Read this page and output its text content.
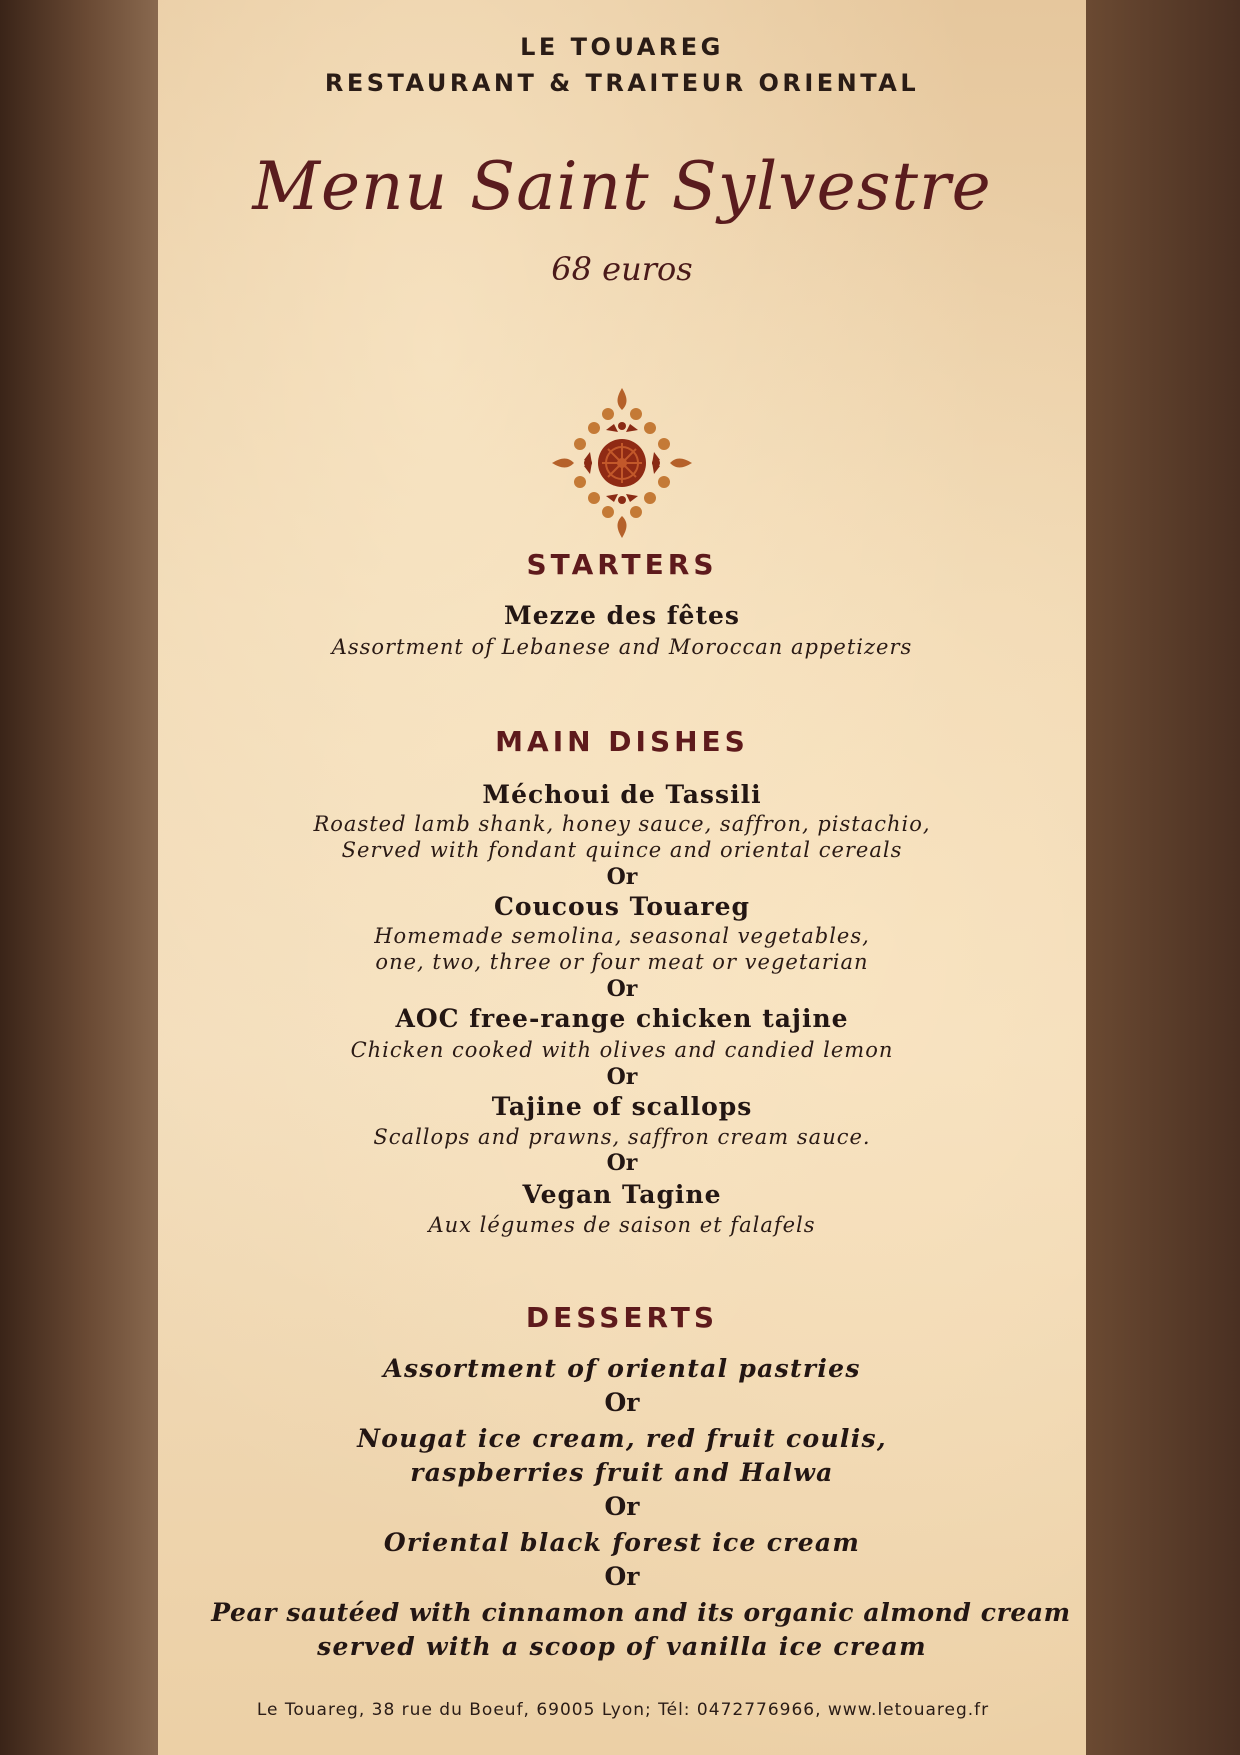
LE TOUAREG
RESTAURANT & TRAITEUR ORIENTAL
Menu Saint Sylvestre
68 euros
STARTERS
Mezze des fêtes
Assortment of Lebanese and Moroccan appetizers
MAIN DISHES
Méchoui de Tassili
Roasted lamb shank, honey sauce, saffron, pistachio,
Served with fondant quince and oriental cereals
Or
Coucous Touareg
Homemade semolina, seasonal vegetables,
one, two, three or four meat or vegetarian
Or
AOC free-range chicken tajine
Chicken cooked with olives and candied lemon
Or
Tajine of scallops
Scallops and prawns, saffron cream sauce.
Or
Vegan Tagine
Aux légumes de saison et falafels
DESSERTS
Assortment of oriental pastries
Or
Nougat ice cream, red fruit coulis,
raspberries fruit and Halwa
Or
Oriental black forest ice cream
Or
Pear sautéed with cinnamon and its organic almond cream
served with a scoop of vanilla ice cream
Le Touareg, 38 rue du Boeuf, 69005 Lyon; Tél: 0472776966, www.letouareg.fr
